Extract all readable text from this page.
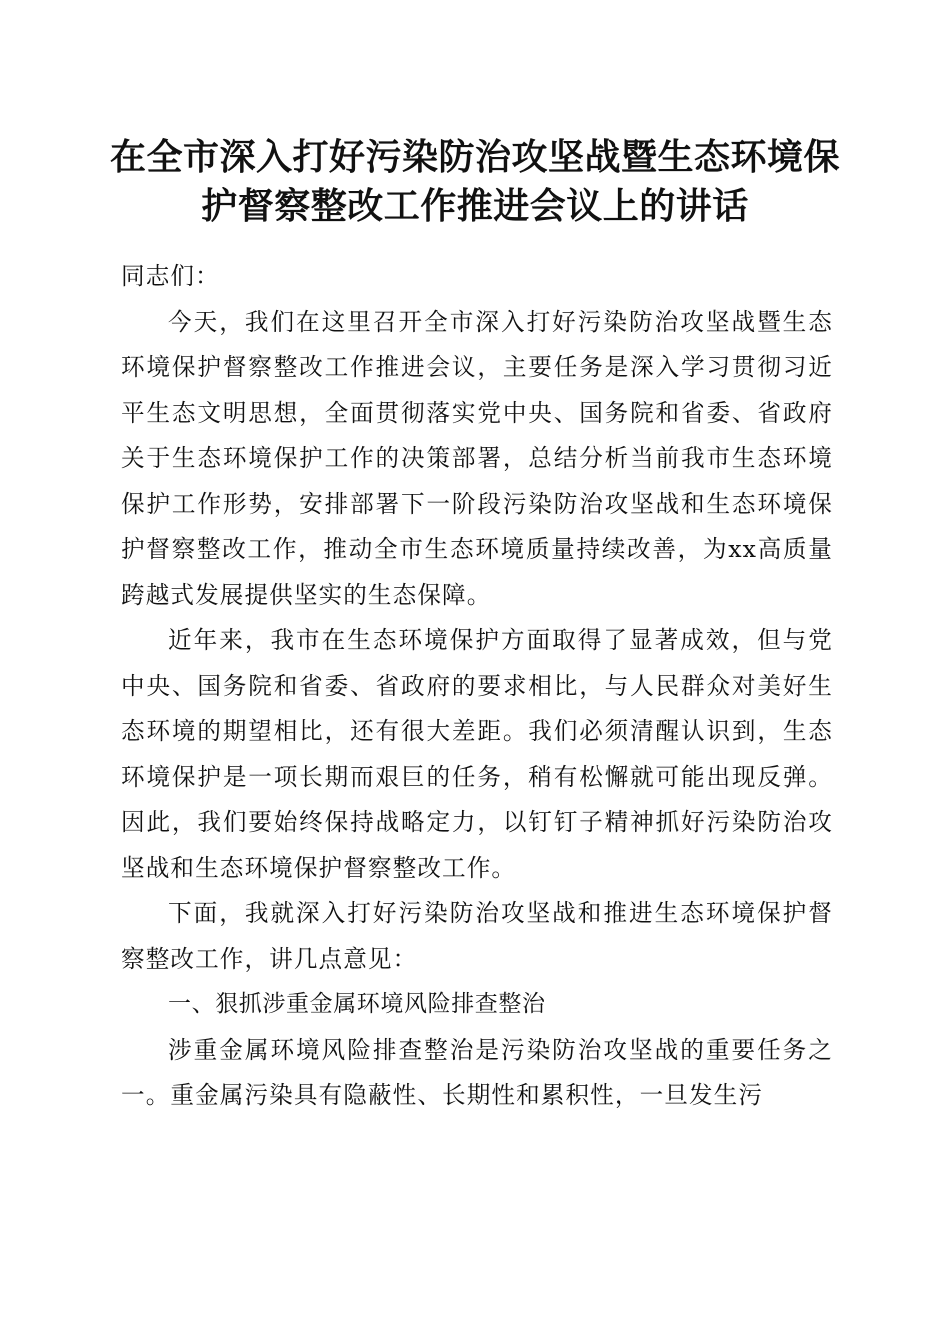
在全市深入打好污染防治攻坚战暨生态环境保
护督察整改工作推进会议上的讲话

同志们：

今天，我们在这里召开全市深入打好污染防治攻坚战暨生态环境保护督察整改工作推进会议，主要任务是深入学习贯彻习近平生态文明思想，全面贯彻落实党中央、国务院和省委、省政府关于生态环境保护工作的决策部署，总结分析当前我市生态环境保护工作形势，安排部署下一阶段污染防治攻坚战和生态环境保护督察整改工作，推动全市生态环境质量持续改善，为xx高质量跨越式发展提供坚实的生态保障。

近年来，我市在生态环境保护方面取得了显著成效，但与党中央、国务院和省委、省政府的要求相比，与人民群众对美好生态环境的期望相比，还有很大差距。我们必须清醒认识到，生态环境保护是一项长期而艰巨的任务，稍有松懈就可能出现反弹。因此，我们要始终保持战略定力，以钉钉子精神抓好污染防治攻坚战和生态环境保护督察整改工作。

下面，我就深入打好污染防治攻坚战和推进生态环境保护督察整改工作，讲几点意见：

一、狠抓涉重金属环境风险排查整治

涉重金属环境风险排查整治是污染防治攻坚战的重要任务之一。重金属污染具有隐蔽性、长期性和累积性，一旦发生污
